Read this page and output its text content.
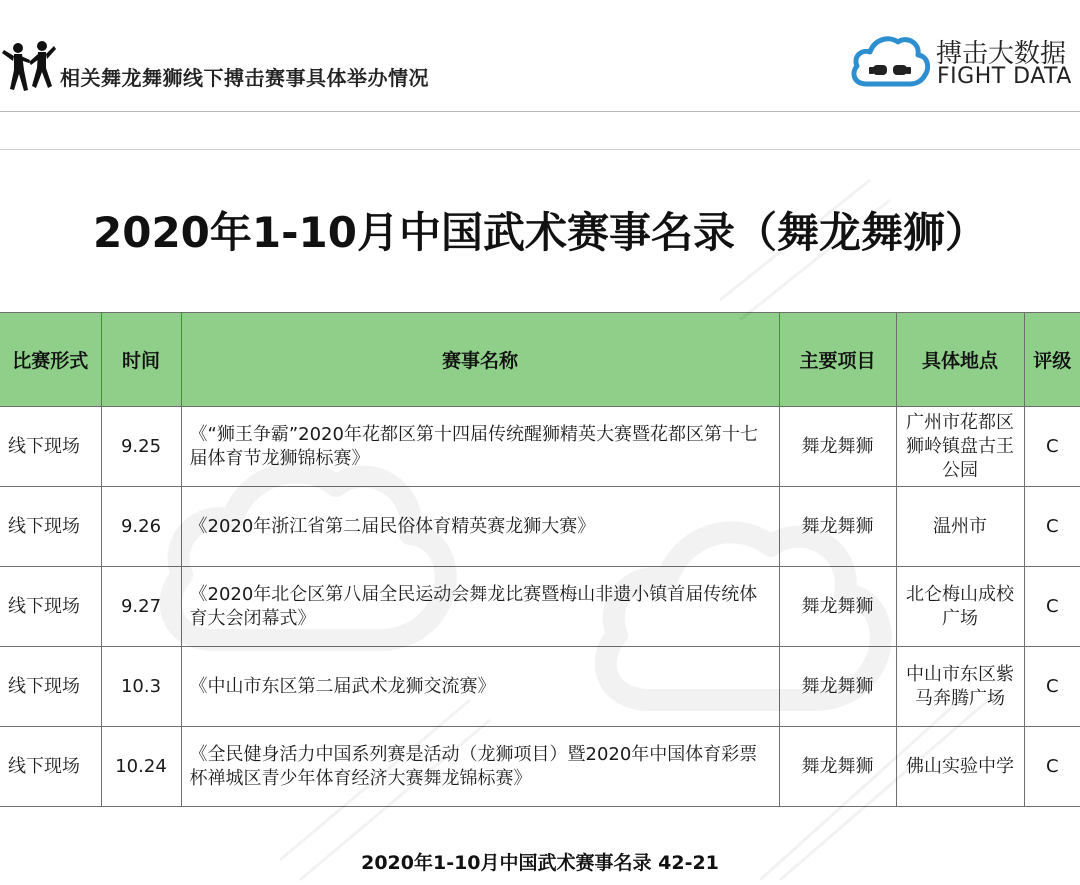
相关舞龙舞狮线下搏击赛事具体举办情况
搏击大数据
FIGHT DATA
2020年1-10月中国武术赛事名录（舞龙舞狮）
比赛形式	时间	赛事名称	主要项目	具体地点	评级
线下现场	9.25	《“狮王争霸”2020年花都区第十四届传统醒狮精英大赛暨花都区第十七届体育节龙狮锦标赛》	舞龙舞狮	广州市花都区狮岭镇盘古王公园	C
线下现场	9.26	《2020年浙江省第二届民俗体育精英赛龙狮大赛》	舞龙舞狮	温州市	C
线下现场	9.27	《2020年北仑区第八届全民运动会舞龙比赛暨梅山非遗小镇首届传统体育大会闭幕式》	舞龙舞狮	北仑梅山成校广场	C
线下现场	10.3	《中山市东区第二届武术龙狮交流赛》	舞龙舞狮	中山市东区紫马奔腾广场	C
线下现场	10.24	《全民健身活力中国系列赛是活动（龙狮项目）暨2020年中国体育彩票杯禅城区青少年体育经济大赛舞龙锦标赛》	舞龙舞狮	佛山实验中学	C
2020年1-10月中国武术赛事名录 42-21
